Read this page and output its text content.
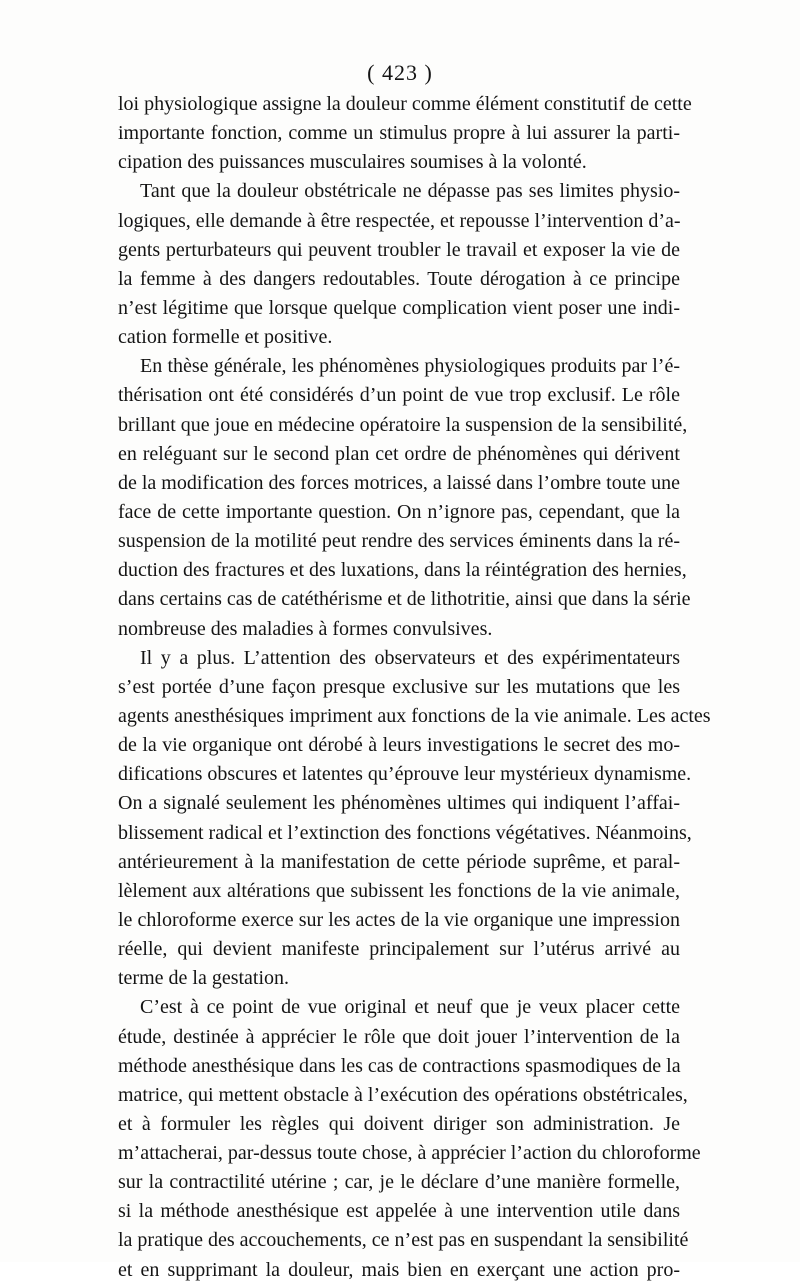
( 423 )
loi physiologique assigne la douleur comme élément constitutif de cette
importante fonction, comme un stimulus propre à lui assurer la parti-
cipation des puissances musculaires soumises à la volonté.
Tant que la douleur obstétricale ne dépasse pas ses limites physio-
logiques, elle demande à être respectée, et repousse l’intervention d’a-
gents perturbateurs qui peuvent troubler le travail et exposer la vie de
la femme à des dangers redoutables. Toute dérogation à ce principe
n’est légitime que lorsque quelque complication vient poser une indi-
cation formelle et positive.
En thèse générale, les phénomènes physiologiques produits par l’é-
thérisation ont été considérés d’un point de vue trop exclusif. Le rôle
brillant que joue en médecine opératoire la suspension de la sensibilité,
en reléguant sur le second plan cet ordre de phénomènes qui dérivent
de la modification des forces motrices, a laissé dans l’ombre toute une
face de cette importante question. On n’ignore pas, cependant, que la
suspension de la motilité peut rendre des services éminents dans la ré-
duction des fractures et des luxations, dans la réintégration des hernies,
dans certains cas de catéthérisme et de lithotritie, ainsi que dans la série
nombreuse des maladies à formes convulsives.
Il y a plus. L’attention des observateurs et des expérimentateurs
s’est portée d’une façon presque exclusive sur les mutations que les
agents anesthésiques impriment aux fonctions de la vie animale. Les actes
de la vie organique ont dérobé à leurs investigations le secret des mo-
difications obscures et latentes qu’éprouve leur mystérieux dynamisme.
On a signalé seulement les phénomènes ultimes qui indiquent l’affai-
blissement radical et l’extinction des fonctions végétatives. Néanmoins,
antérieurement à la manifestation de cette période suprême, et paral-
lèlement aux altérations que subissent les fonctions de la vie animale,
le chloroforme exerce sur les actes de la vie organique une impression
réelle, qui devient manifeste principalement sur l’utérus arrivé au
terme de la gestation.
C’est à ce point de vue original et neuf que je veux placer cette
étude, destinée à apprécier le rôle que doit jouer l’intervention de la
méthode anesthésique dans les cas de contractions spasmodiques de la
matrice, qui mettent obstacle à l’exécution des opérations obstétricales,
et à formuler les règles qui doivent diriger son administration. Je
m’attacherai, par-dessus toute chose, à apprécier l’action du chloroforme
sur la contractilité utérine ; car, je le déclare d’une manière formelle,
si la méthode anesthésique est appelée à une intervention utile dans
la pratique des accouchements, ce n’est pas en suspendant la sensibilité
et en supprimant la douleur, mais bien en exerçant une action pro-
